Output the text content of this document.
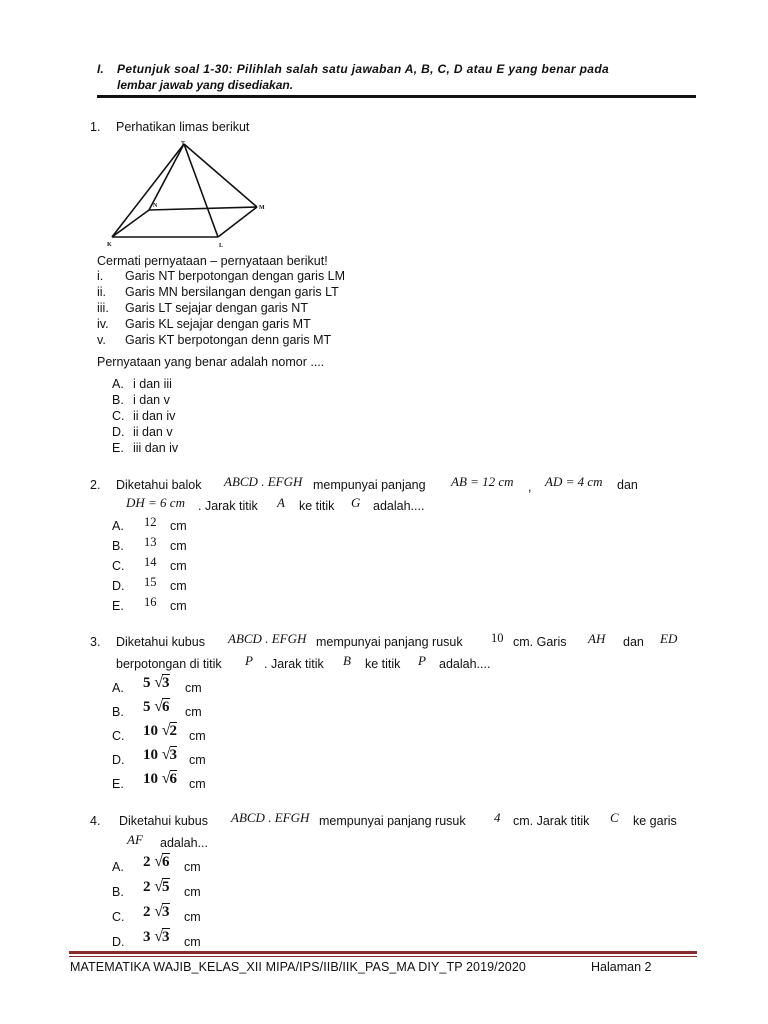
I. Petunjuk soal 1-30: Pilihlah salah satu jawaban A, B, C, D atau E yang benar pada
lembar jawab yang disediakan.
1. Perhatikan limas berikut
T
N	M
K	L
Cermati pernyataan – pernyataan berikut!
i. Garis NT berpotongan dengan garis LM
ii. Garis MN bersilangan dengan garis LT
iii. Garis LT sejajar dengan garis NT
iv. Garis KL sejajar dengan garis MT
v. Garis KT berpotongan denn garis MT
Pernyataan yang benar adalah nomor ....
A. i dan iii
B. i dan v
C. ii dan iv
D. ii dan v
E. iii dan iv
2. Diketahui balok ABCD . EFGH mempunyai panjang AB = 12 cm , AD = 4 cm dan
DH = 6 cm . Jarak titik A ke titik G adalah....
A. 12 cm
B. 13 cm
C. 14 cm
D. 15 cm
E. 16 cm
3. Diketahui kubus ABCD . EFGH mempunyai panjang rusuk 10 cm. Garis AH dan ED
berpotongan di titik P . Jarak titik B ke titik P adalah....
A. 5 √3 cm
B. 5 √6 cm
C. 10 √2 cm
D. 10 √3 cm
E. 10 √6 cm
4. Diketahui kubus ABCD . EFGH mempunyai panjang rusuk 4 cm. Jarak titik C ke garis
AF adalah...
A. 2 √6 cm
B. 2 √5 cm
C. 2 √3 cm
D. 3 √3 cm
MATEMATIKA WAJIB_KELAS_XII MIPA/IPS/IIB/IIK_PAS_MA DIY_TP 2019/2020	Halaman 2
